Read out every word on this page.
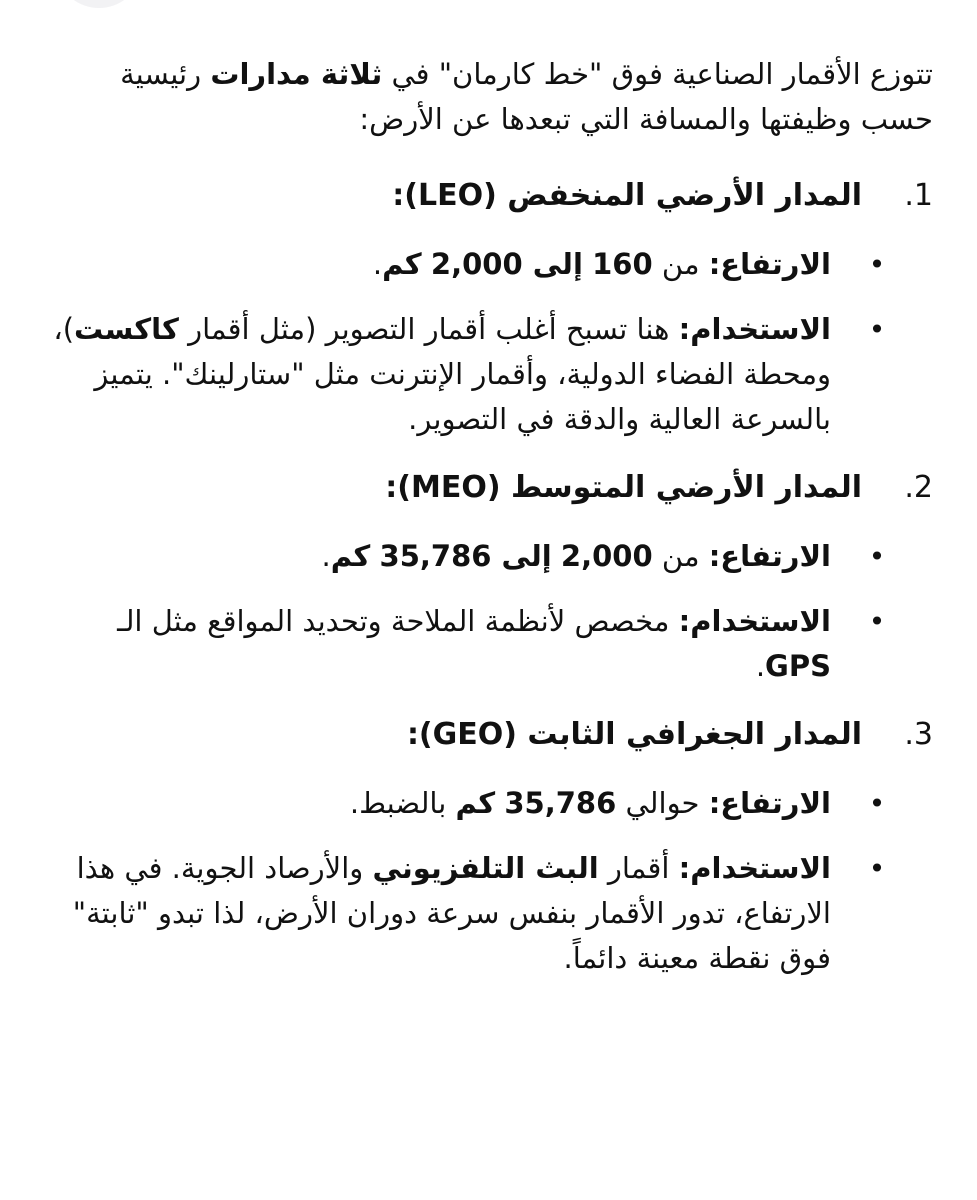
تتوزع الأقمار الصناعية فوق "خط كارمان" في ثلاثة مدارات رئيسية حسب وظيفتها والمسافة التي تبعدها عن الأرض:

1.
المدار الأرضي المنخفض (LEO):
•
الارتفاع: من 160 إلى 2,000 كم.
•
الاستخدام: هنا تسبح أغلب أقمار التصوير (مثل أقمار كاكست)، ومحطة الفضاء الدولية، وأقمار الإنترنت مثل "ستارلينك". يتميز بالسرعة العالية والدقة في التصوير.
2.
المدار الأرضي المتوسط (MEO):
•
الارتفاع: من 2,000 إلى 35,786 كم.
•
الاستخدام: مخصص لأنظمة الملاحة وتحديد المواقع مثل الـ GPS.
3.
المدار الجغرافي الثابت (GEO):
•
الارتفاع: حوالي 35,786 كم بالضبط.
•
الاستخدام: أقمار البث التلفزيوني والأرصاد الجوية. في هذا الارتفاع، تدور الأقمار بنفس سرعة دوران الأرض، لذا تبدو "ثابتة" فوق نقطة معينة دائماً.
